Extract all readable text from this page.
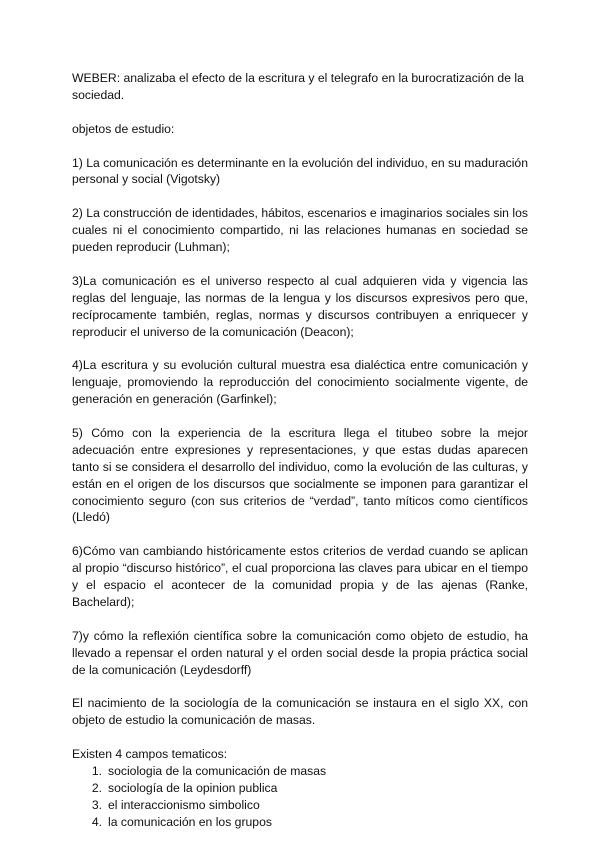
WEBER: analizaba el efecto de la escritura y el telegrafo en la burocratización de la sociedad.

objetos de estudio:

1) La comunicación es determinante en la evolución del individuo, en su maduración personal y social (Vigotsky)

2) La construcción de identidades, hábitos, escenarios e imaginarios sociales sin los cuales ni el conocimiento compartido, ni las relaciones humanas en sociedad se pueden reproducir (Luhman);

3)La comunicación es el universo respecto al cual adquieren vida y vigencia las reglas del lenguaje, las normas de la lengua y los discursos expresivos pero que, recíprocamente también, reglas, normas y discursos contribuyen a enriquecer y reproducir el universo de la comunicación (Deacon);

4)La escritura y su evolución cultural muestra esa dialéctica entre comunicación y lenguaje, promoviendo la reproducción del conocimiento socialmente vigente, de generación en generación (Garfinkel);

5) Cómo con la experiencia de la escritura llega el titubeo sobre la mejor adecuación entre expresiones y representaciones, y que estas dudas aparecen tanto si se considera el desarrollo del individuo, como la evolución de las culturas, y están en el origen de los discursos que socialmente se imponen para garantizar el conocimiento seguro (con sus criterios de “verdad”, tanto míticos como científicos (Lledó)

6)Cómo van cambiando históricamente estos criterios de verdad cuando se aplican al propio “discurso histórico”, el cual proporciona las claves para ubicar en el tiempo y el espacio el acontecer de la comunidad propia y de las ajenas (Ranke, Bachelard);

7)y cómo la reflexión científica sobre la comunicación como objeto de estudio, ha llevado a repensar el orden natural y el orden social desde la propia práctica social de la comunicación (Leydesdorff)

El nacimiento de la sociología de la comunicación se instaura en el siglo XX, con objeto de estudio la comunicación de masas.

Existen 4 campos tematicos:

1. sociologia de la comunicación de masas
2. sociología de la opinion publica
3. el interaccionismo simbolico
4. la comunicación en los grupos
